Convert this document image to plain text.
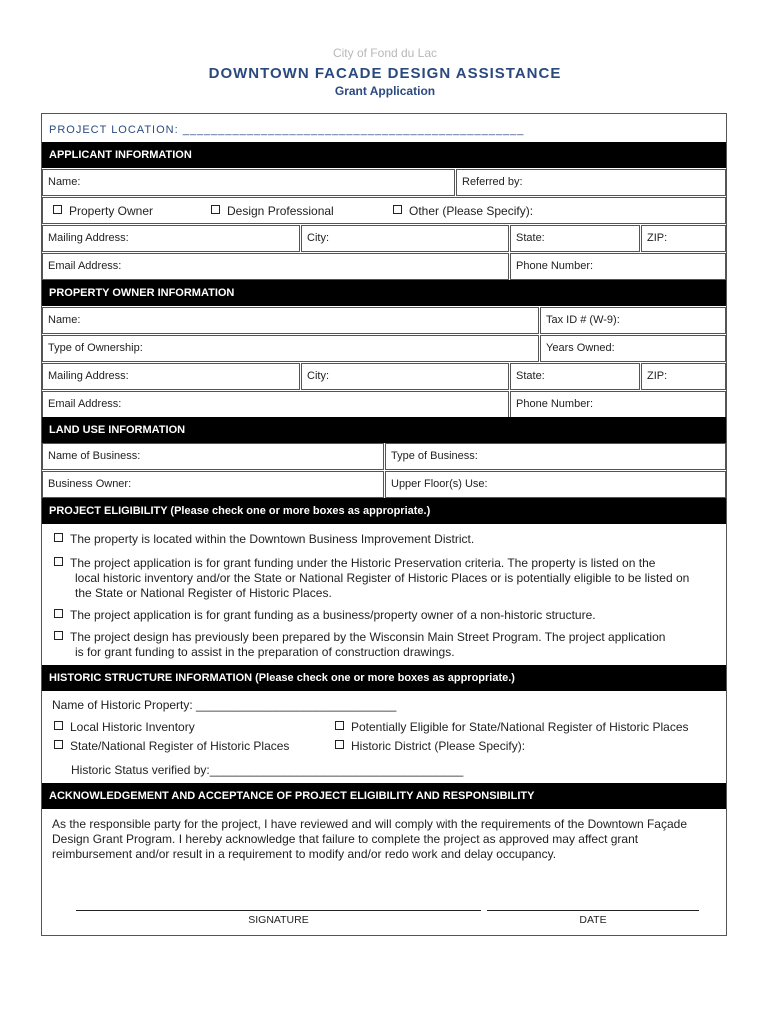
City of Fond du Lac
DOWNTOWN FACADE DESIGN ASSISTANCE
Grant Application
PROJECT LOCATION: ________________________________________________
APPLICANT INFORMATION
Name:	Referred by:
Property Owner	Design Professional	Other (Please Specify):
Mailing Address:	City:	State:	ZIP:
Email Address:	Phone Number:
PROPERTY OWNER INFORMATION
Name:	Tax ID # (W-9):
Type of Ownership:	Years Owned:
Mailing Address:	City:	State:	ZIP:
Email Address:	Phone Number:
LAND USE INFORMATION
Name of Business:	Type of Business:
Business Owner:	Upper Floor(s) Use:
PROJECT ELIGIBILITY (Please check one or more boxes as appropriate.)
The property is located within the Downtown Business Improvement District.
The project application is for grant funding under the Historic Preservation criteria. The property is listed on the
local historic inventory and/or the State or National Register of Historic Places or is potentially eligible to be listed on
the State or National Register of Historic Places.
The project application is for grant funding as a business/property owner of a non-historic structure.
The project design has previously been prepared by the Wisconsin Main Street Program. The project application
is for grant funding to assist in the preparation of construction drawings.
HISTORIC STRUCTURE INFORMATION (Please check one or more boxes as appropriate.)
Name of Historic Property: ______________________________
Local Historic Inventory
State/National Register of Historic Places
Potentially Eligible for State/National Register of Historic Places
Historic District (Please Specify):
Historic Status verified by:______________________________________
ACKNOWLEDGEMENT AND ACCEPTANCE OF PROJECT ELIGIBILITY AND RESPONSIBILITY
As the responsible party for the project, I have reviewed and will comply with the requirements of the Downtown Façade
Design Grant Program. I hereby acknowledge that failure to complete the project as approved may affect grant
reimbursement and/or result in a requirement to modify and/or redo work and delay occupancy.
SIGNATURE	DATE
